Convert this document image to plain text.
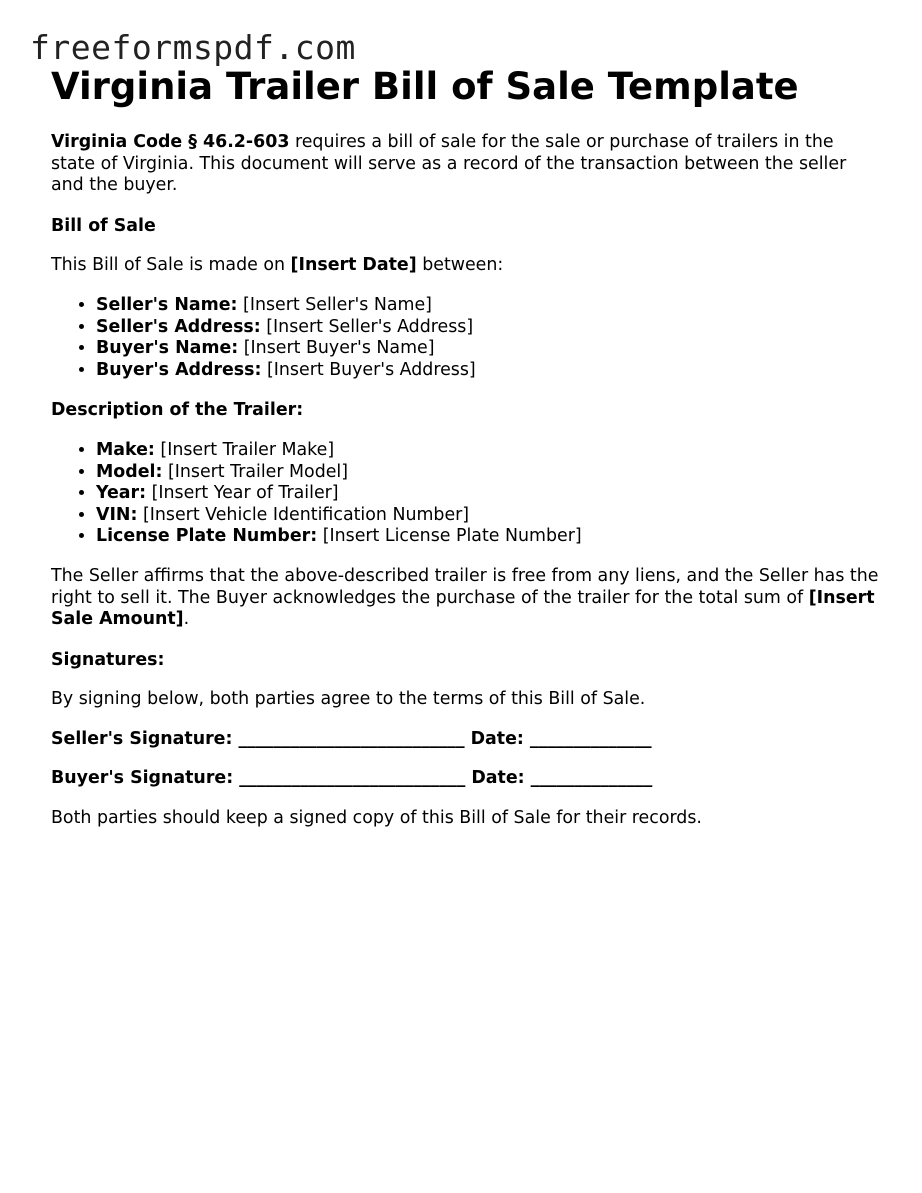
freeformspdf.com
Virginia Trailer Bill of Sale Template

Virginia Code § 46.2-603 requires a bill of sale for the sale or purchase of trailers in the state of Virginia. This document will serve as a record of the transaction between the seller and the buyer.

Bill of Sale

This Bill of Sale is made on [Insert Date] between:

• Seller's Name: [Insert Seller's Name]
• Seller's Address: [Insert Seller's Address]
• Buyer's Name: [Insert Buyer's Name]
• Buyer's Address: [Insert Buyer's Address]

Description of the Trailer:

• Make: [Insert Trailer Make]
• Model: [Insert Trailer Model]
• Year: [Insert Year of Trailer]
• VIN: [Insert Vehicle Identification Number]
• License Plate Number: [Insert License Plate Number]

The Seller affirms that the above-described trailer is free from any liens, and the Seller has the right to sell it. The Buyer acknowledges the purchase of the trailer for the total sum of [Insert Sale Amount].

Signatures:

By signing below, both parties agree to the terms of this Bill of Sale.

Seller's Signature: __________________________ Date: ______________

Buyer's Signature: __________________________ Date: ______________

Both parties should keep a signed copy of this Bill of Sale for their records.
